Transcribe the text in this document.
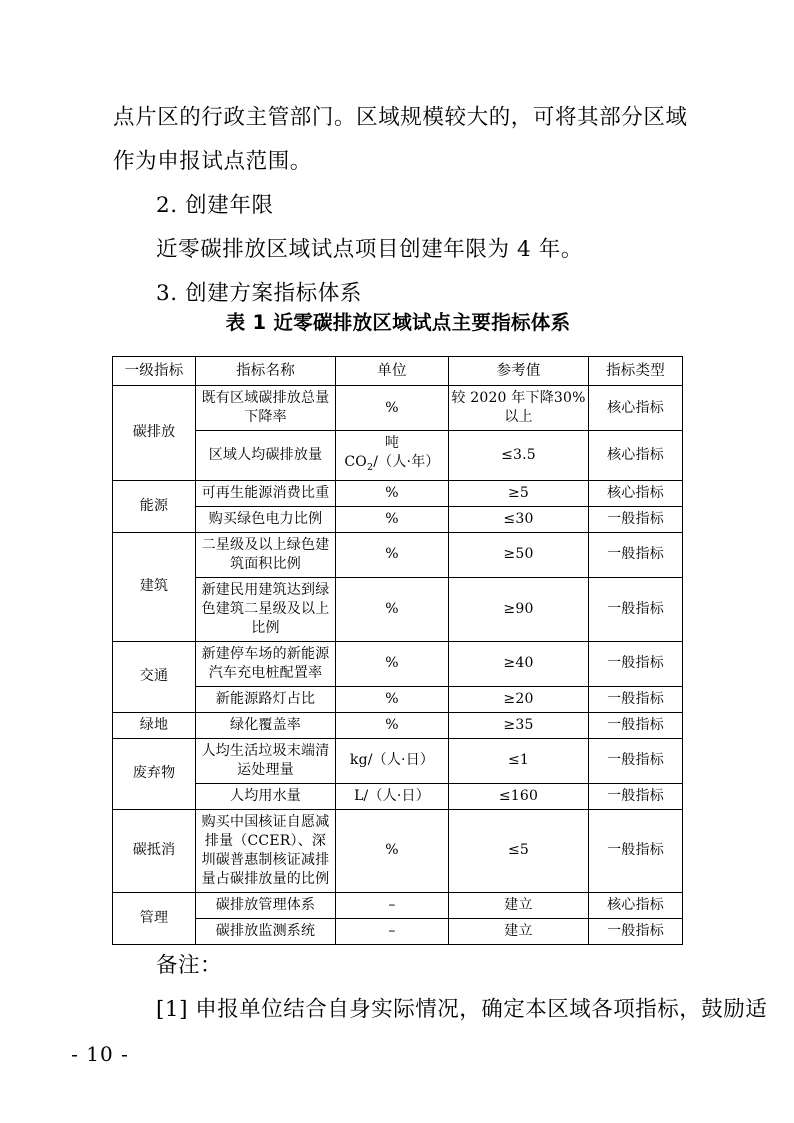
点片区的行政主管部门。区域规模较大的，可将其部分区域

作为申报试点范围。

2. 创建年限

近零碳排放区域试点项目创建年限为 4 年。

3. 创建方案指标体系

表 1 近零碳排放区域试点主要指标体系
一级指标	指标名称	单位	参考值	指标类型
碳排放	既有区域碳排放总量下降率	%	较 2020 年下降30%以上	核心指标
	区域人均碳排放量	吨 $CO_2/$（人·年）	≤3.5	核心指标
能源	可再生能源消费比重	%	≥5	核心指标
	购买绿色电力比例	%	≤30	一般指标
建筑	二星级及以上绿色建筑面积比例	%	≥50	一般指标
	新建民用建筑达到绿色建筑二星级及以上比例	%	≥90	一般指标
交通	新建停车场的新能源汽车充电桩配置率	%	≥40	一般指标
	新能源路灯占比	%	≥20	一般指标
绿地	绿化覆盖率	%	≥35	一般指标
废弃物	人均生活垃圾末端清运处理量	kg/（人·日）	≤1	一般指标
	人均用水量	L/（人·日）	≤160	一般指标
碳抵消	购买中国核证自愿减排量（CCER）、深圳碳普惠制核证减排量占碳排放量的比例	%	≤5	一般指标
管理	碳排放管理体系	–	建立	核心指标
	碳排放监测系统	–	建立	一般指标

备注：

[1] 申报单位结合自身实际情况，确定本区域各项指标，鼓励适

- 10 -
